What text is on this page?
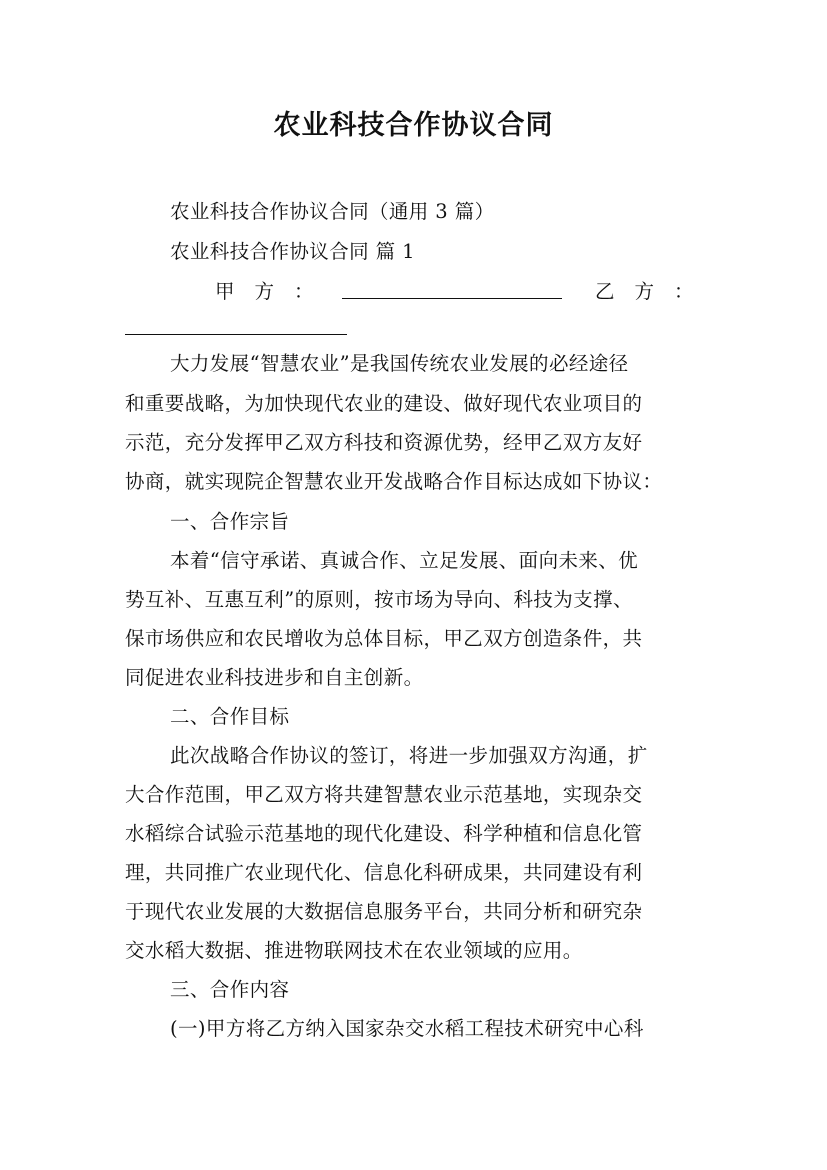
农业科技合作协议合同
农业科技合作协议合同（通用 3 篇）
农业科技合作协议合同 篇 1
甲方：	乙方：
大力发展“智慧农业”是我国传统农业发展的必经途径
和重要战略，为加快现代农业的建设、做好现代农业项目的
示范，充分发挥甲乙双方科技和资源优势，经甲乙双方友好
协商，就实现院企智慧农业开发战略合作目标达成如下协议：
一、合作宗旨
本着“信守承诺、真诚合作、立足发展、面向未来、优
势互补、互惠互利”的原则，按市场为导向、科技为支撑、
保市场供应和农民增收为总体目标，甲乙双方创造条件，共
同促进农业科技进步和自主创新。
二、合作目标
此次战略合作协议的签订，将进一步加强双方沟通，扩
大合作范围，甲乙双方将共建智慧农业示范基地，实现杂交
水稻综合试验示范基地的现代化建设、科学种植和信息化管
理，共同推广农业现代化、信息化科研成果，共同建设有利
于现代农业发展的大数据信息服务平台，共同分析和研究杂
交水稻大数据、推进物联网技术在农业领域的应用。
三、合作内容
(一)甲方将乙方纳入国家杂交水稻工程技术研究中心科
